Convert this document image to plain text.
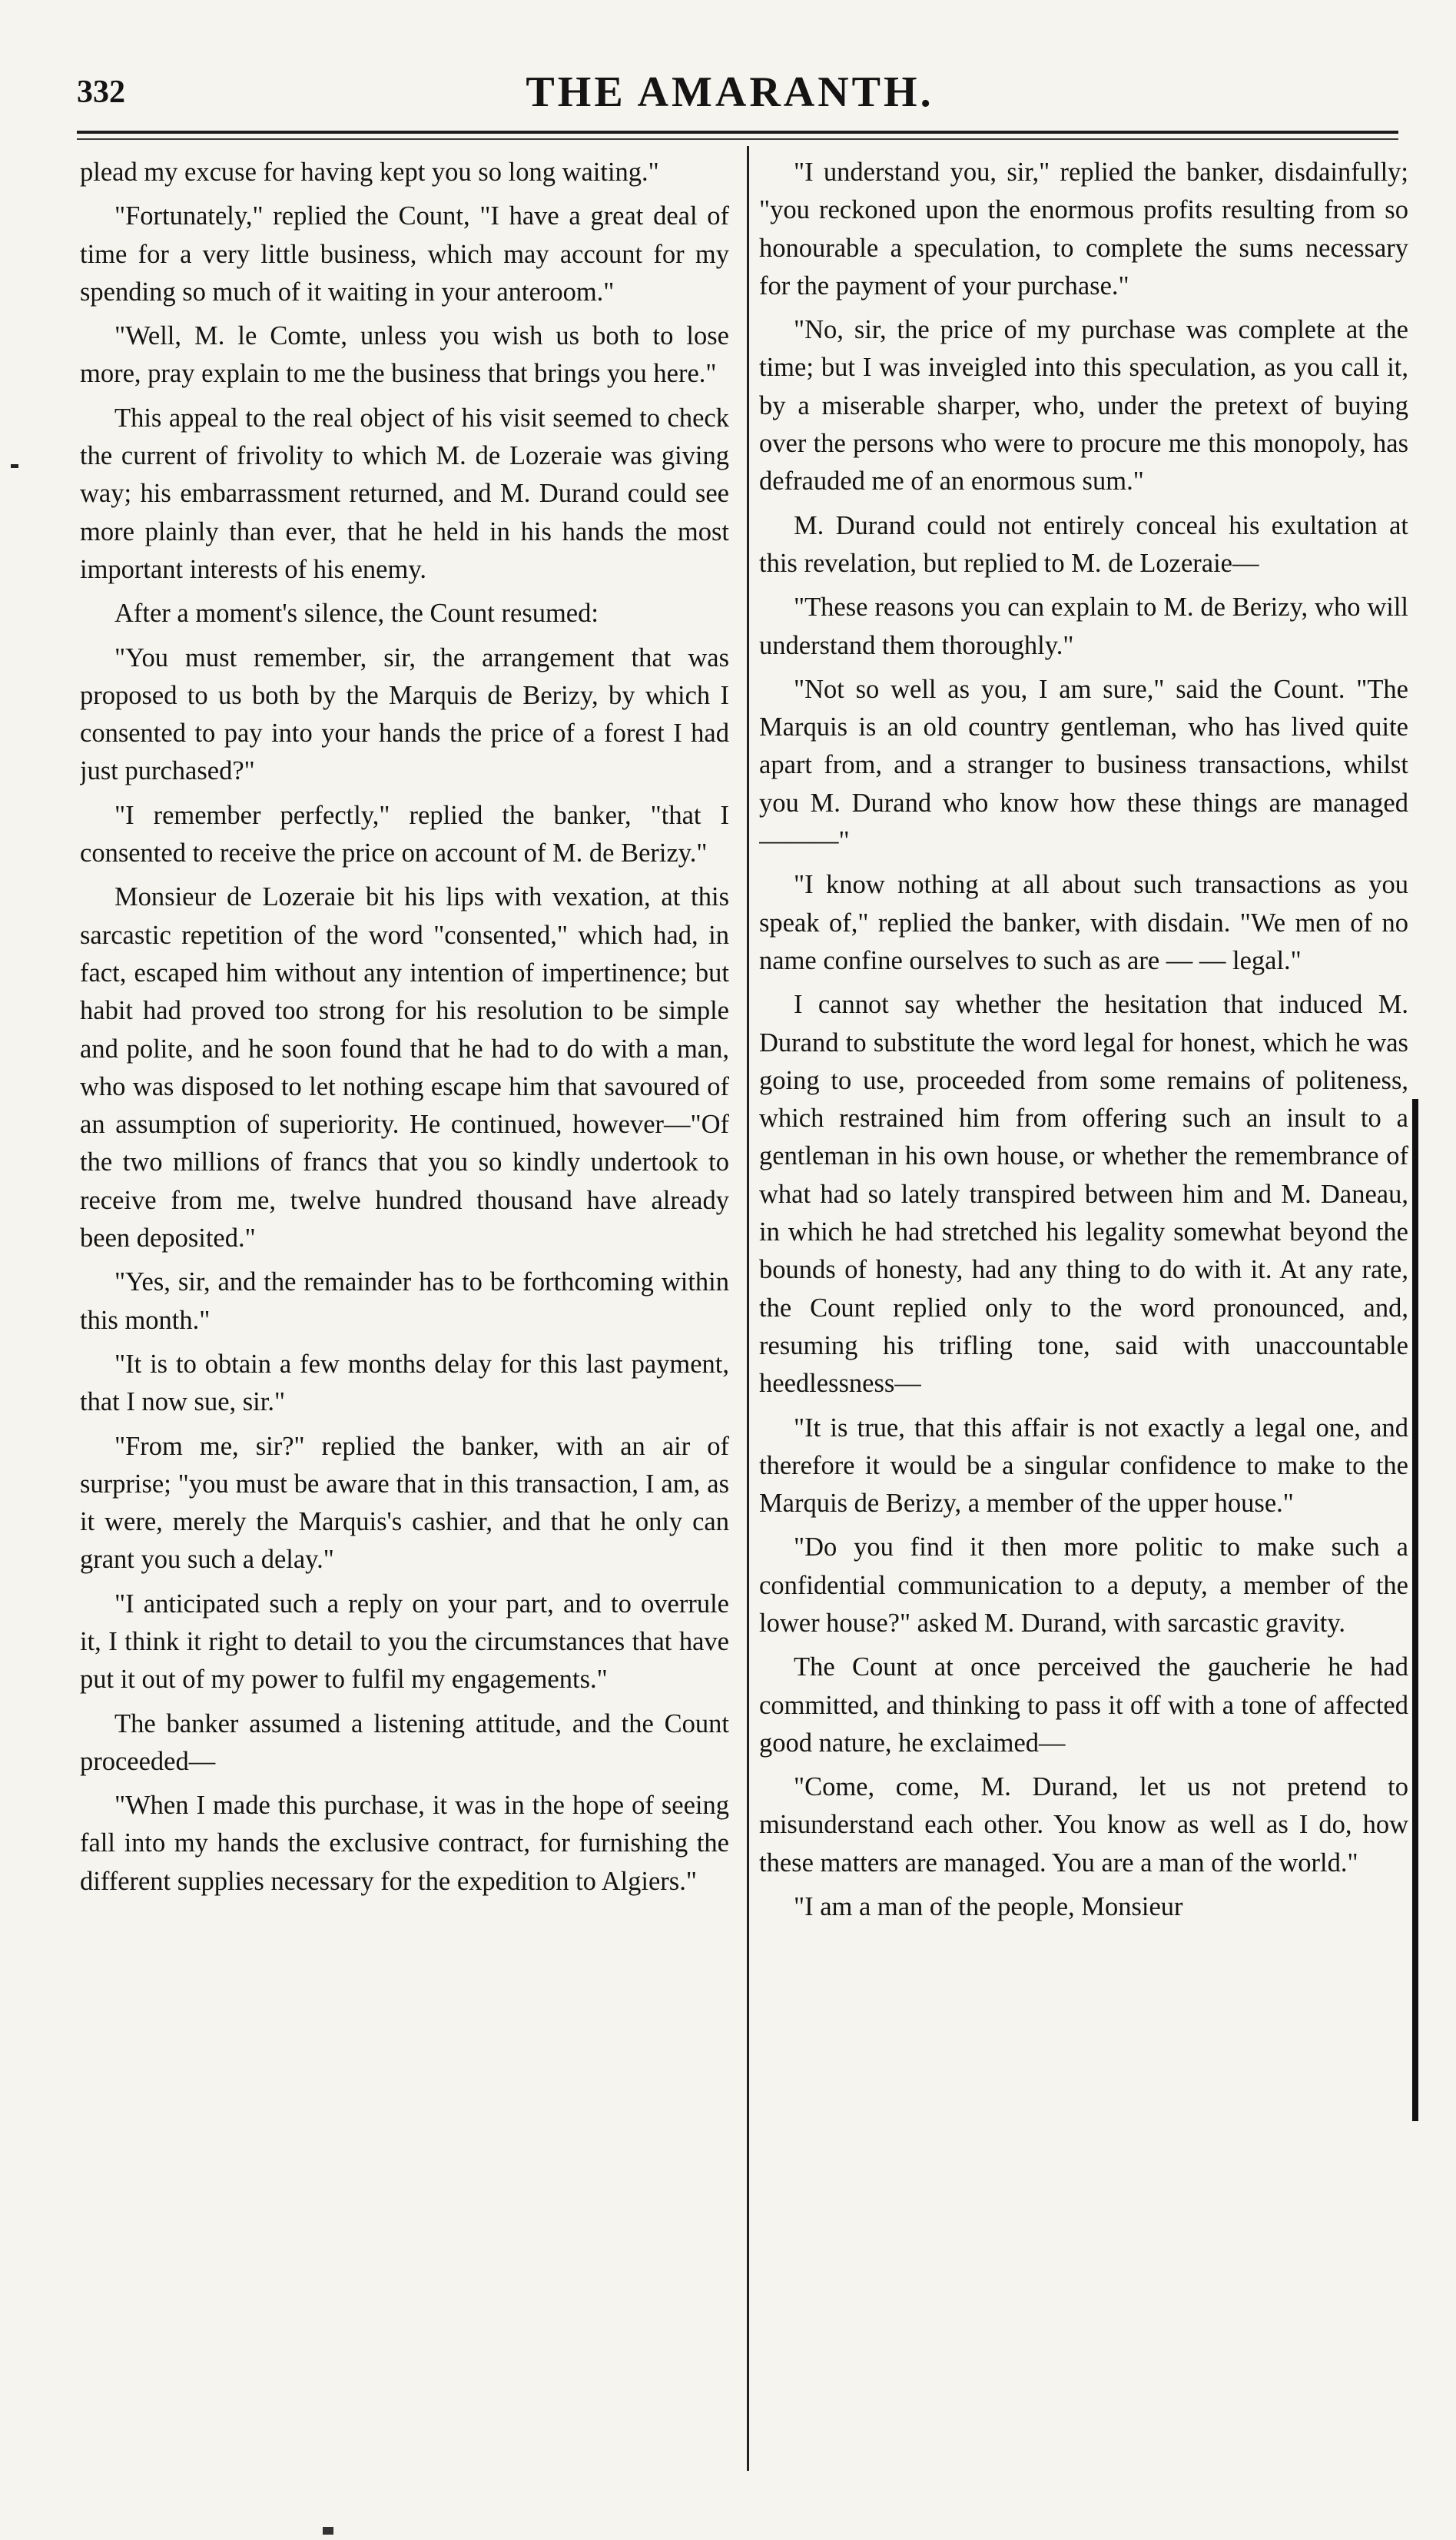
332	THE AMARANTH.

plead my excuse for having kept you so long waiting."

"Fortunately," replied the Count, "I have a great deal of time for a very little business, which may account for my spending so much of it waiting in your anteroom."

"Well, M. le Comte, unless you wish us both to lose more, pray explain to me the business that brings you here."

This appeal to the real object of his visit seemed to check the current of frivolity to which M. de Lozeraie was giving way; his embarrassment returned, and M. Durand could see more plainly than ever, that he held in his hands the most important interests of his enemy.

After a moment's silence, the Count resumed:

"You must remember, sir, the arrangement that was proposed to us both by the Marquis de Berizy, by which I consented to pay into your hands the price of a forest I had just purchased?"

"I remember perfectly," replied the banker, "that I consented to receive the price on account of M. de Berizy."

Monsieur de Lozeraie bit his lips with vexation, at this sarcastic repetition of the word "consented," which had, in fact, escaped him without any intention of impertinence; but habit had proved too strong for his resolution to be simple and polite, and he soon found that he had to do with a man, who was disposed to let nothing escape him that savoured of an assumption of superiority. He continued, however—"Of the two millions of francs that you so kindly undertook to receive from me, twelve hundred thousand have already been deposited."

"Yes, sir, and the remainder has to be forthcoming within this month."

"It is to obtain a few months delay for this last payment, that I now sue, sir."

"From me, sir?" replied the banker, with an air of surprise; "you must be aware that in this transaction, I am, as it were, merely the Marquis's cashier, and that he only can grant you such a delay."

"I anticipated such a reply on your part, and to overrule it, I think it right to detail to you the circumstances that have put it out of my power to fulfil my engagements."

The banker assumed a listening attitude, and the Count proceeded—

"When I made this purchase, it was in the hope of seeing fall into my hands the exclusive contract, for furnishing the different supplies necessary for the expedition to Algiers."

"I understand you, sir," replied the banker, disdainfully; "you reckoned upon the enormous profits resulting from so honourable a speculation, to complete the sums necessary for the payment of your purchase."

"No, sir, the price of my purchase was complete at the time; but I was inveigled into this speculation, as you call it, by a miserable sharper, who, under the pretext of buying over the persons who were to procure me this monopoly, has defrauded me of an enormous sum."

M. Durand could not entirely conceal his exultation at this revelation, but replied to M. de Lozeraie—

"These reasons you can explain to M. de Berizy, who will understand them thoroughly."

"Not so well as you, I am sure," said the Count. "The Marquis is an old country gentleman, who has lived quite apart from, and a stranger to business transactions, whilst you M. Durand who know how these things are managed———"

"I know nothing at all about such transactions as you speak of," replied the banker, with disdain. "We men of no name confine ourselves to such as are — — legal."

I cannot say whether the hesitation that induced M. Durand to substitute the word legal for honest, which he was going to use, proceeded from some remains of politeness, which restrained him from offering such an insult to a gentleman in his own house, or whether the remembrance of what had so lately transpired between him and M. Daneau, in which he had stretched his legality somewhat beyond the bounds of honesty, had any thing to do with it. At any rate, the Count replied only to the word pronounced, and, resuming his trifling tone, said with unaccountable heedlessness—

"It is true, that this affair is not exactly a legal one, and therefore it would be a singular confidence to make to the Marquis de Berizy, a member of the upper house."

"Do you find it then more politic to make such a confidential communication to a deputy, a member of the lower house?" asked M. Durand, with sarcastic gravity.

The Count at once perceived the gaucherie he had committed, and thinking to pass it off with a tone of affected good nature, he exclaimed—

"Come, come, M. Durand, let us not pretend to misunderstand each other. You know as well as I do, how these matters are managed. You are a man of the world."

"I am a man of the people, Monsieur
